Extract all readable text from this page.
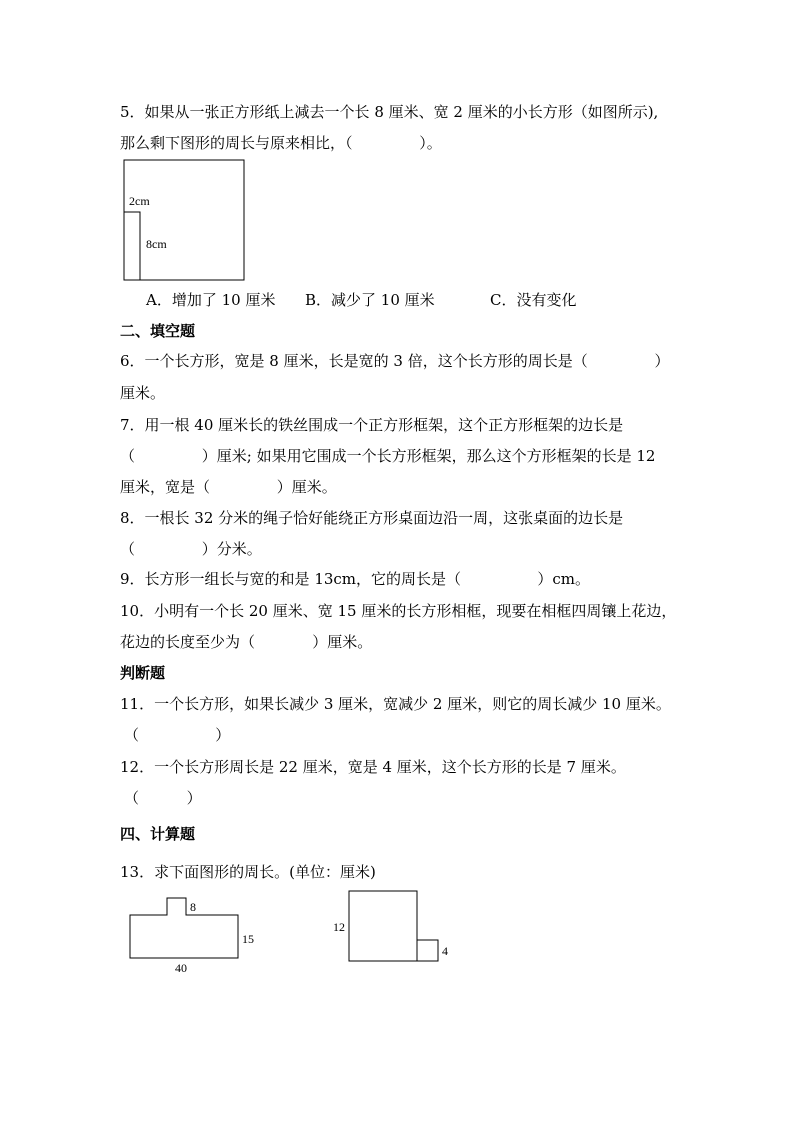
5．如果从一张正方形纸上减去一个长 8 厘米、宽 2 厘米的小长方形（如图所示),
那么剩下图形的周长与原来相比，（              ）。
2cm
8cm
8
15
40
12
4
A．增加了 10 厘米 B．减少了 10 厘米	C．没有变化
二、填空题
6．一个长方形，宽是 8 厘米，长是宽的 3 倍，这个长方形的周长是（              ）
厘米。
7．用一根 40 厘米长的铁丝围成一个正方形框架，这个正方形框架的边长是
（              ）厘米; 如果用它围成一个长方形框架，那么这个方形框架的长是 12
厘米，宽是（              ）厘米。
8．一根长 32 分米的绳子恰好能绕正方形桌面边沿一周，这张桌面的边长是
（              ）分米。
9．长方形一组长与宽的和是 13cm，它的周长是（                ）cm。
10．小明有一个长 20 厘米、宽 15 厘米的长方形相框，现要在相框四周镶上花边，
花边的长度至少为（            ）厘米。
判断题
11．一个长方形，如果长减少 3 厘米，宽减少 2 厘米，则它的周长减少 10 厘米。
（                ）
12．一个长方形周长是 22 厘米，宽是 4 厘米，这个长方形的长是 7 厘米。
（          ）
四、计算题
13．求下面图形的周长。(单位：厘米)
